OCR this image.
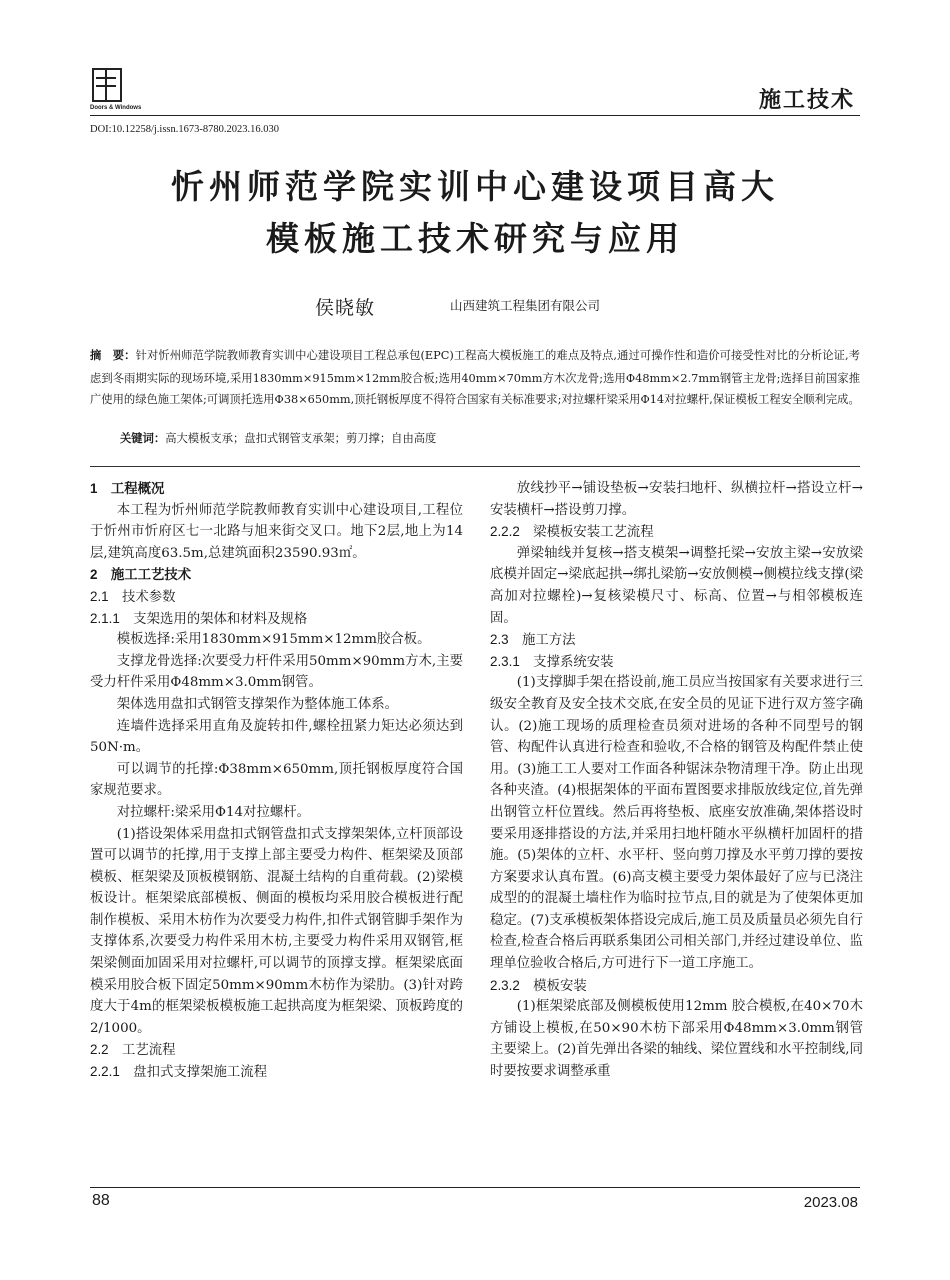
Doors & Windows	施工技术
DOI:10.12258/j.issn.1673-8780.2023.16.030
忻州师范学院实训中心建设项目高大
模板施工技术研究与应用
侯晓敏	山西建筑工程集团有限公司
摘　要：针对忻州师范学院教师教育实训中心建设项目工程总承包(EPC)工程高大模板施工的难点及特点,通过可操作性和造价可接受性对比的分析论证,考虑到冬雨期实际的现场环境,采用1830mm×915mm×12mm胶合板;选用40mm×70mm方木次龙骨;选用Φ48mm×2.7mm钢管主龙骨;选择目前国家推广使用的绿色施工架体;可调顶托选用Φ38×650mm,顶托钢板厚度不得符合国家有关标准要求;对拉螺杆梁采用Φ14对拉螺杆,保证模板工程安全顺利完成。
关键词：高大模板支承；盘扣式钢管支承架；剪刀撑；自由高度

1　工程概况

本工程为忻州师范学院教师教育实训中心建设项目,工程位于忻州市忻府区七一北路与旭来街交叉口。地下2层,地上为14层,建筑高度63.5m,总建筑面积23590.93㎡。

2　施工工艺技术

2.1　技术参数

2.1.1　支架选用的架体和材料及规格

模板选择:采用1830mm×915mm×12mm胶合板。

支撑龙骨选择:次要受力杆件采用50mm×90mm方木,主要受力杆件采用Φ48mm×3.0mm钢管。

架体选用盘扣式钢管支撑架作为整体施工体系。

连墙件选择采用直角及旋转扣件,螺栓扭紧力矩达必须达到50N·m。

可以调节的托撑:Φ38mm×650mm,顶托钢板厚度符合国家规范要求。

对拉螺杆:梁采用Φ14对拉螺杆。

(1)搭设架体采用盘扣式钢管盘扣式支撑架架体,立杆顶部设置可以调节的托撑,用于支撑上部主要受力构件、框架梁及顶部模板、框架梁及顶板模钢筋、混凝土结构的自重荷载。(2)梁模板设计。框架梁底部模板、侧面的模板均采用胶合模板进行配制作模板、采用木枋作为次要受力构件,扣件式钢管脚手架作为支撑体系,次要受力构件采用木枋,主要受力构件采用双钢管,框架梁侧面加固采用对拉螺杆,可以调节的顶撑支撑。框架梁底面模采用胶合板下固定50mm×90mm木枋作为梁肋。(3)针对跨度大于4m的框架梁板模板施工起拱高度为框架梁、顶板跨度的2/1000。

2.2　工艺流程

2.2.1　盘扣式支撑架施工流程

放线抄平→铺设垫板→安装扫地杆、纵横拉杆→搭设立杆→安装横杆→搭设剪刀撑。

2.2.2　梁模板安装工艺流程

弹梁轴线并复核→搭支模架→调整托梁→安放主梁→安放梁底模并固定→梁底起拱→绑扎梁筋→安放侧模→侧模拉线支撑(梁高加对拉螺栓)→复核梁模尺寸、标高、位置→与相邻模板连固。

2.3　施工方法

2.3.1　支撑系统安装

(1)支撑脚手架在搭设前,施工员应当按国家有关要求进行三级安全教育及安全技术交底,在安全员的见证下进行双方签字确认。(2)施工现场的质理检查员须对进场的各种不同型号的钢管、构配件认真进行检查和验收,不合格的钢管及构配件禁止使用。(3)施工工人要对工作面各种锯沫杂物清理干净。防止出现各种夹渣。(4)根据架体的平面布置图要求排版放线定位,首先弹出钢管立杆位置线。然后再将垫板、底座安放准确,架体搭设时要采用逐排搭设的方法,并采用扫地杆随水平纵横杆加固杆的措施。(5)架体的立杆、水平杆、竖向剪刀撑及水平剪刀撑的要按方案要求认真布置。(6)高支模主要受力架体最好了应与已浇注成型的的混凝土墙柱作为临时拉节点,目的就是为了使架体更加稳定。(7)支承模板架体搭设完成后,施工员及质量员必须先自行检查,检查合格后再联系集团公司相关部门,并经过建设单位、监理单位验收合格后,方可进行下一道工序施工。

2.3.2　模板安装

(1)框架梁底部及侧模板使用12mm 胶合模板,在40×70木方铺设上模板,在50×90木枋下部采用Φ48mm×3.0mm钢管主要梁上。(2)首先弹出各梁的轴线、梁位置线和水平控制线,同时要按要求调整承重

88	2023.08
